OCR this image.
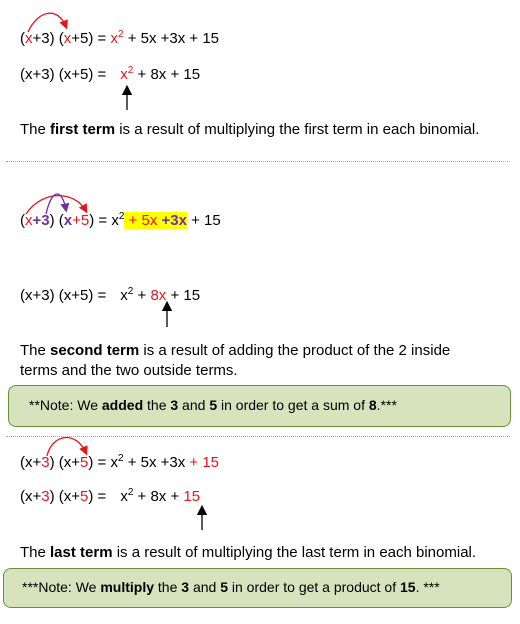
(x+3) $(x+5) = x^2 + 5x +3x + 15$
(x+3) $(x+5) = x^2 + 8x + 15$
The first term is a result of multiplying the first term in each binomial.
(x+3) $(x+5) = x^2 + 5x +3x + 15$
(x+3) $(x+5) = x^2 + 8x + 15$
The second term is a result of adding the product of the 2 inside terms and the two outside terms.
**Note: We added the 3 and 5 in order to get a sum of 8.***
(x+3) $(x+5) = x^2 + 5x +3x + 15$
(x+3) $(x+5) = x^2 + 8x + 15$
The last term is a result of multiplying the last term in each binomial.
***Note: We multiply the 3 and 5 in order to get a product of 15. ***
